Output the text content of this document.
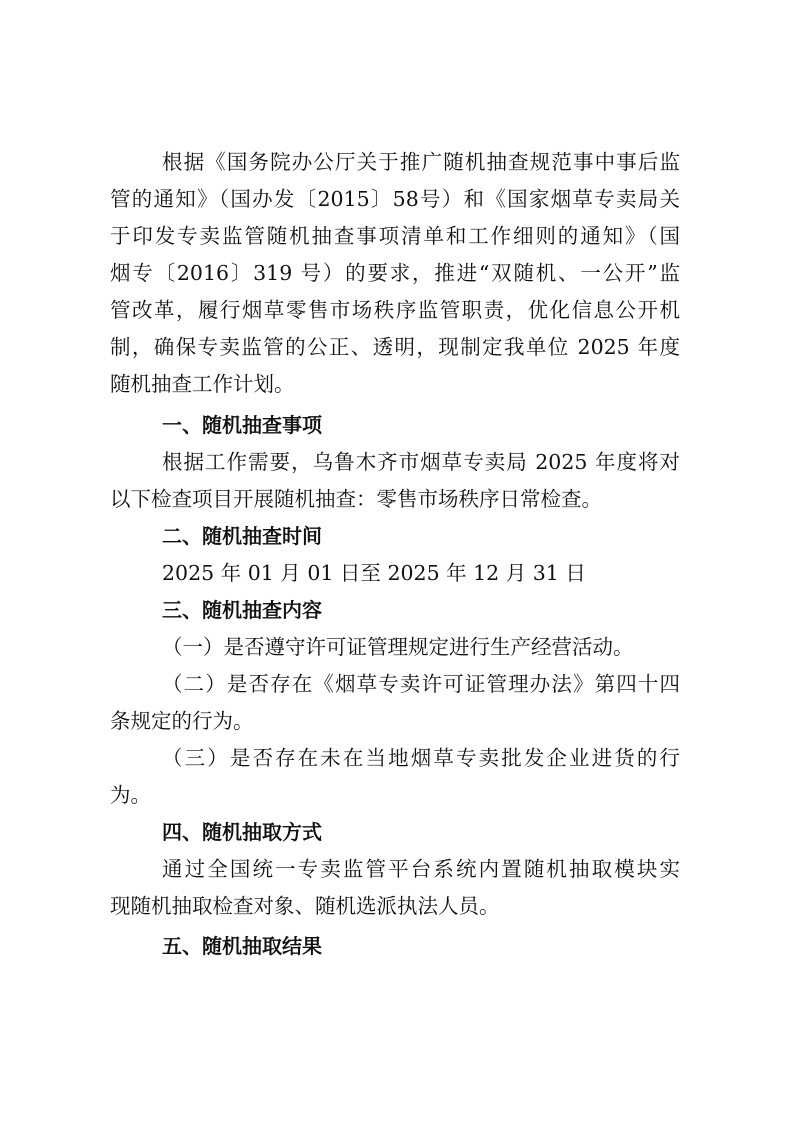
根据《国务院办公厅关于推广随机抽查规范事中事后监
管的通知》（国办发〔2015〕58号）和《国家烟草专卖局关
于印发专卖监管随机抽查事项清单和工作细则的通知》（国
烟专〔2016〕319 号）的要求，推进“双随机、一公开”监
管改革，履行烟草零售市场秩序监管职责，优化信息公开机
制，确保专卖监管的公正、透明，现制定我单位 2025 年度
随机抽查工作计划。
一、随机抽查事项
根据工作需要，乌鲁木齐市烟草专卖局 2025 年度将对
以下检查项目开展随机抽查：零售市场秩序日常检查。
二、随机抽查时间
2025 年 01 月 01 日至 2025 年 12 月 31 日
三、随机抽查内容
（一）是否遵守许可证管理规定进行生产经营活动。
（二）是否存在《烟草专卖许可证管理办法》第四十四
条规定的行为。
（三）是否存在未在当地烟草专卖批发企业进货的行
为。
四、随机抽取方式
通过全国统一专卖监管平台系统内置随机抽取模块实
现随机抽取检查对象、随机选派执法人员。
五、随机抽取结果
